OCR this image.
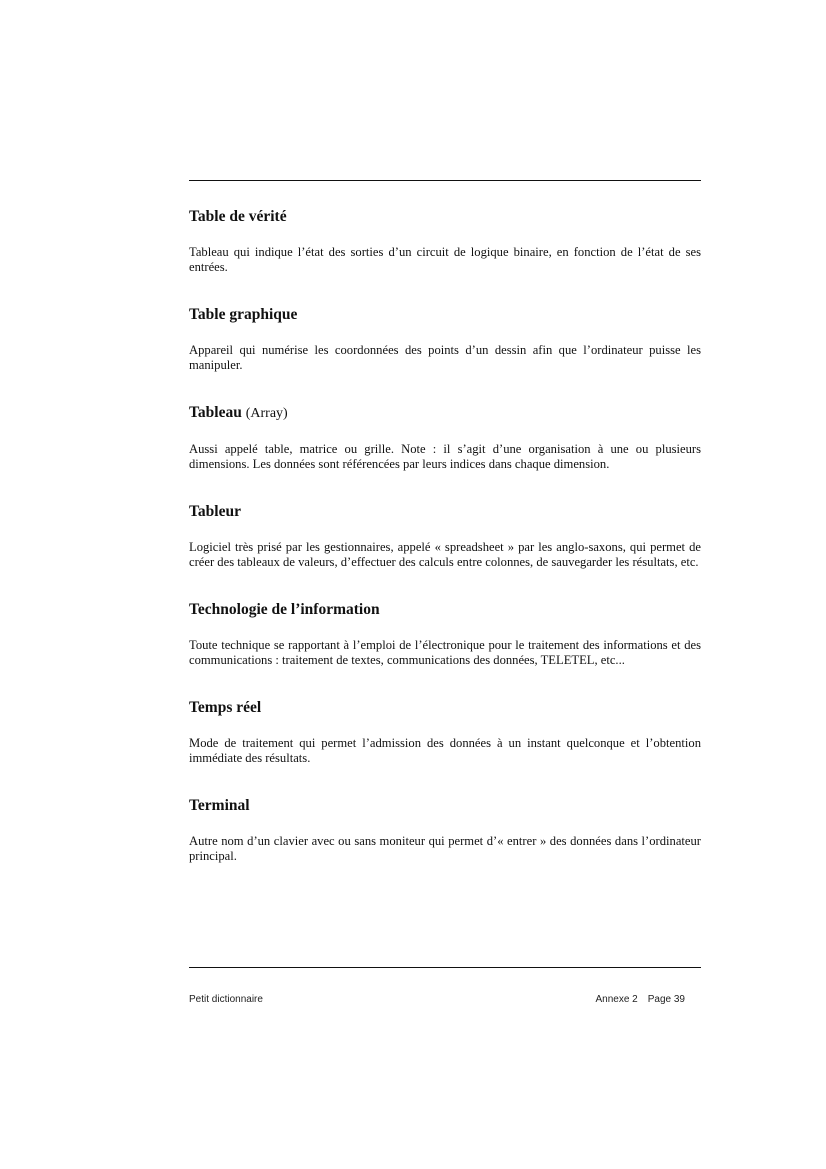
Table de vérité

Tableau qui indique l’état des sorties d’un circuit de logique binaire, en fonction de l’état de ses entrées.

Table graphique

Appareil qui numérise les coordonnées des points d’un dessin afin que l’ordinateur puisse les manipuler.

Tableau (Array)

Aussi appelé table, matrice ou grille. Note : il s’agit d’une organisation à une ou plusieurs dimensions. Les données sont référencées par leurs indices dans chaque dimension.

Tableur

Logiciel très prisé par les gestionnaires, appelé « spreadsheet » par les anglo-saxons, qui permet de créer des tableaux de valeurs, d’effectuer des calculs entre colonnes, de sauvegarder les résultats, etc.

Technologie de l’information

Toute technique se rapportant à l’emploi de l’électronique pour le traitement des informations et des communications : traitement de textes, communications des données, TELETEL, etc...

Temps réel

Mode de traitement qui permet l’admission des données à un instant quelconque et l’obtention immédiate des résultats.

Terminal

Autre nom d’un clavier avec ou sans moniteur qui permet d’« entrer » des données dans l’ordinateur principal.

Petit dictionnaire	Annexe 2 Page 39
